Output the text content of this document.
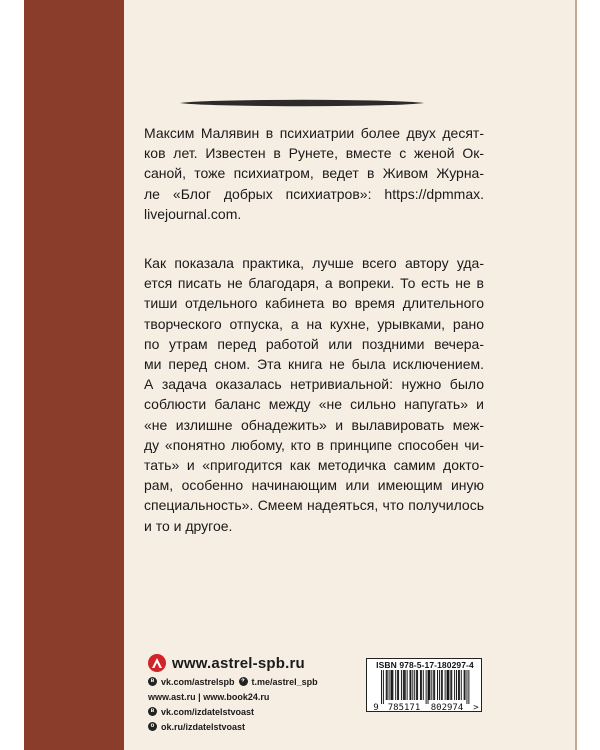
Максим Малявин в психиатрии более двух десят-
ков лет. Известен в Рунете, вместе с женой Ок-
саной, тоже психиатром, ведет в Живом Журна-
ле «Блог добрых психиатров»: https://dpmmax.
livejournal.com.
Как показала практика, лучше всего автору уда-
ется писать не благодаря, а вопреки. То есть не в
тиши отдельного кабинета во время длительного
творческого отпуска, а на кухне, урывками, рано
по утрам перед работой или поздними вечера-
ми перед сном. Эта книга не была исключением.
А задача оказалась нетривиальной: нужно было
соблюсти баланс между «не сильно напугать» и
«не излишне обнадежить» и вылавировать меж-
ду «понятно любому, кто в принципе способен чи-
тать» и «пригодится как методичка самим докто-
рам, особенно начинающим или имеющим иную
специальность». Смеем надеяться, что получилось
и то и другое.
www.astrel-spb.ru
в vk.com/astrelspb ✈ t.me/astrel_spb
www.ast.ru | www.book24.ru
в vk.com/izdatelstvoast
о ok.ru/izdatelstvoast
ISBN 978-5-17-180297-4
9 785171 802974 >
